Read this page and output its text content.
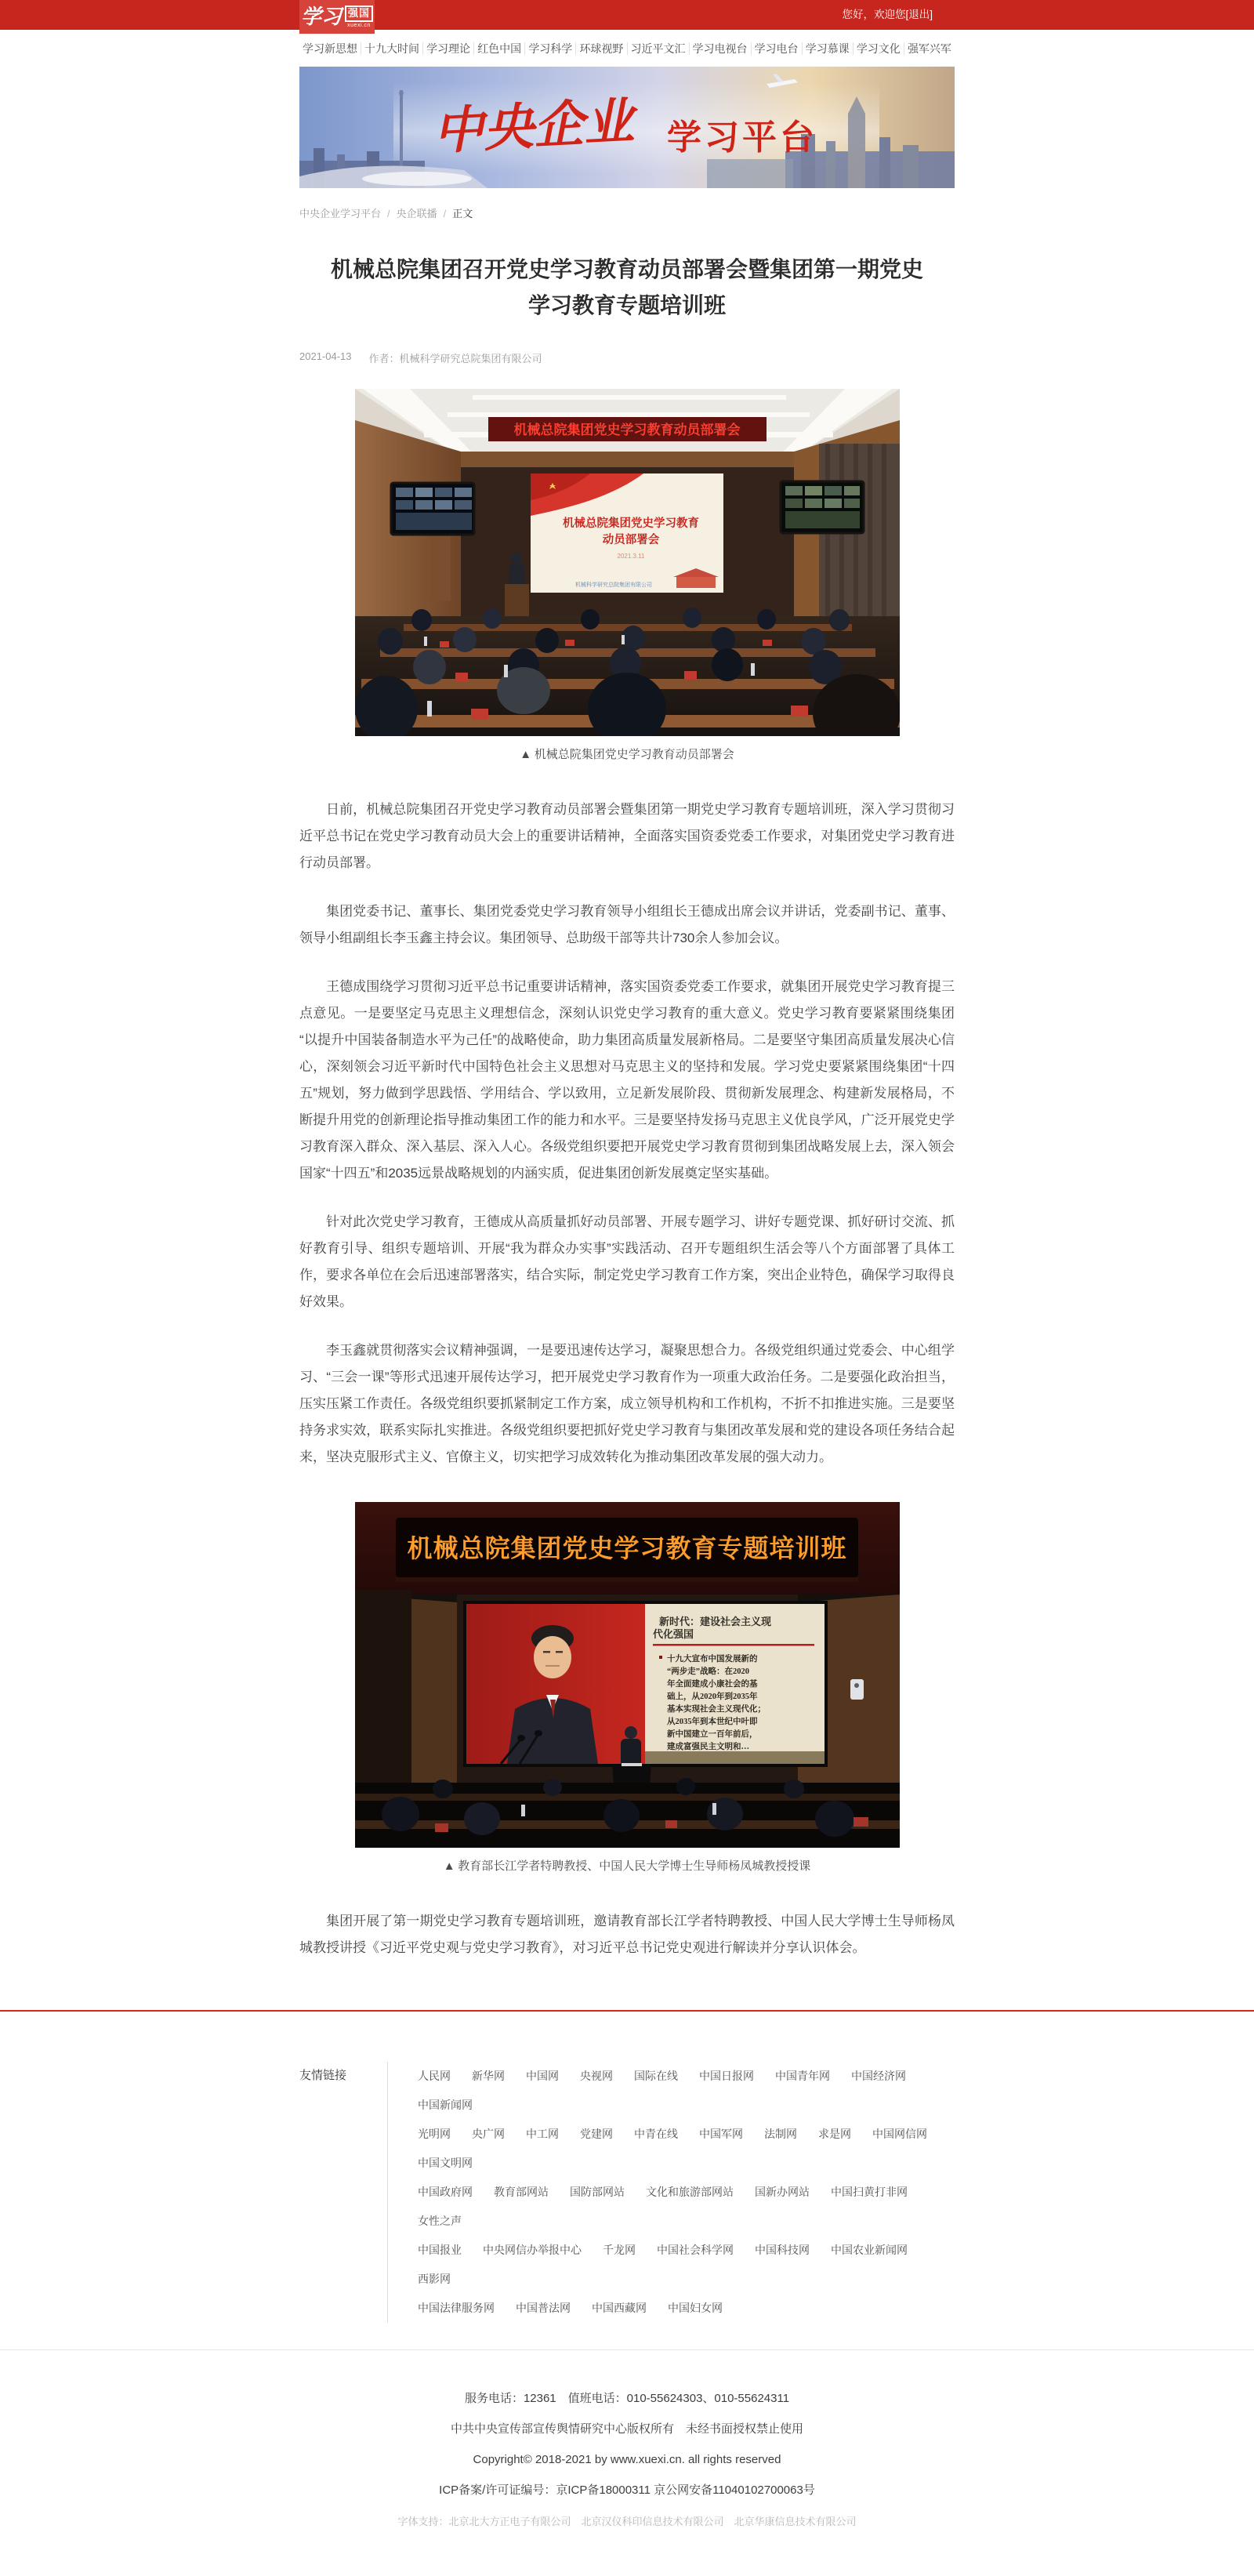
学习 强国
xuexi.cn
您好，欢迎您[退出]
学习新思想 十九大时间 学习理论 红色中国 学习科学 环球视野 习近平文汇 学习电视台 学习电台 学习慕课 学习文化 强军兴军
中央企业 学习平台
中央企业学习平台 / 央企联播 / 正文
机械总院集团召开党史学习教育动员部署会暨集团第一期党史学习教育专题培训班
2021-04-13 作者：机械科学研究总院集团有限公司
机械总院集团党史学习教育动员部署会
机械总院集团党史学习教育
动员部署会
2021.3.11
机械科学研究总院集团有限公司
▲ 机械总院集团党史学习教育动员部署会

日前，机械总院集团召开党史学习教育动员部署会暨集团第一期党史学习教育专题培训班，深入学习贯彻习近平总书记在党史学习教育动员大会上的重要讲话精神，全面落实国资委党委工作要求，对集团党史学习教育进行动员部署。

集团党委书记、董事长、集团党委党史学习教育领导小组组长王德成出席会议并讲话，党委副书记、董事、领导小组副组长李玉鑫主持会议。集团领导、总助级干部等共计730余人参加会议。

王德成围绕学习贯彻习近平总书记重要讲话精神，落实国资委党委工作要求，就集团开展党史学习教育提三点意见。一是要坚定马克思主义理想信念，深刻认识党史学习教育的重大意义。党史学习教育要紧紧围绕集团“以提升中国装备制造水平为己任”的战略使命，助力集团高质量发展新格局。二是要坚守集团高质量发展决心信心，深刻领会习近平新时代中国特色社会主义思想对马克思主义的坚持和发展。学习党史要紧紧围绕集团“十四五”规划，努力做到学思践悟、学用结合、学以致用，立足新发展阶段、贯彻新发展理念、构建新发展格局，不断提升用党的创新理论指导推动集团工作的能力和水平。三是要坚持发扬马克思主义优良学风，广泛开展党史学习教育深入群众、深入基层、深入人心。各级党组织要把开展党史学习教育贯彻到集团战略发展上去，深入领会国家“十四五”和2035远景战略规划的内涵实质，促进集团创新发展奠定坚实基础。

针对此次党史学习教育，王德成从高质量抓好动员部署、开展专题学习、讲好专题党课、抓好研讨交流、抓好教育引导、组织专题培训、开展“我为群众办实事”实践活动、召开专题组织生活会等八个方面部署了具体工作，要求各单位在会后迅速部署落实，结合实际，制定党史学习教育工作方案，突出企业特色，确保学习取得良好效果。

李玉鑫就贯彻落实会议精神强调，一是要迅速传达学习，凝聚思想合力。各级党组织通过党委会、中心组学习、“三会一课”等形式迅速开展传达学习，把开展党史学习教育作为一项重大政治任务。二是要强化政治担当，压实压紧工作责任。各级党组织要抓紧制定工作方案，成立领导机构和工作机构，不折不扣推进实施。三是要坚持务求实效，联系实际扎实推进。各级党组织要把抓好党史学习教育与集团改革发展和党的建设各项任务结合起来，坚决克服形式主义、官僚主义，切实把学习成效转化为推动集团改革发展的强大动力。

机械总院集团党史学习教育专题培训班
新时代：建设社会主义现
代化强国
十九大宣布中国发展新的
“两步走”战略：在2020
年全面建成小康社会的基
础上，从2020年到2035年
基本实现社会主义现代化；
从2035年到本世纪中叶即
新中国建立一百年前后，
建成富强民主文明和…
▲ 教育部长江学者特聘教授、中国人民大学博士生导师杨凤城教授授课

集团开展了第一期党史学习教育专题培训班，邀请教育部长江学者特聘教授、中国人民大学博士生导师杨凤城教授讲授《习近平党史观与党史学习教育》，对习近平总书记党史观进行解读并分享认识体会。

友情链接	人民网 新华网 中国网 央视网 国际在线 中国日报网 中国青年网 中国经济网
中国新闻网
光明网 央广网 中工网 党建网 中青在线 中国军网 法制网 求是网 中国网信网
中国文明网
中国政府网 教育部网站 国防部网站 文化和旅游部网站 国新办网站 中国扫黄打非网
女性之声
中国报业 中央网信办举报中心 千龙网 中国社会科学网 中国科技网 中国农业新闻网
西影网
中国法律服务网 中国普法网 中国西藏网 中国妇女网
服务电话：12361　值班电话：010-55624303、010-55624311
中共中央宣传部宣传舆情研究中心版权所有　未经书面授权禁止使用
Copyright© 2018-2021 by www.xuexi.cn. all rights reserved
ICP备案/许可证编号：京ICP备18000311 京公网安备11040102700063号
字体支持：北京北大方正电子有限公司　北京汉仪科印信息技术有限公司　北京华康信息技术有限公司
